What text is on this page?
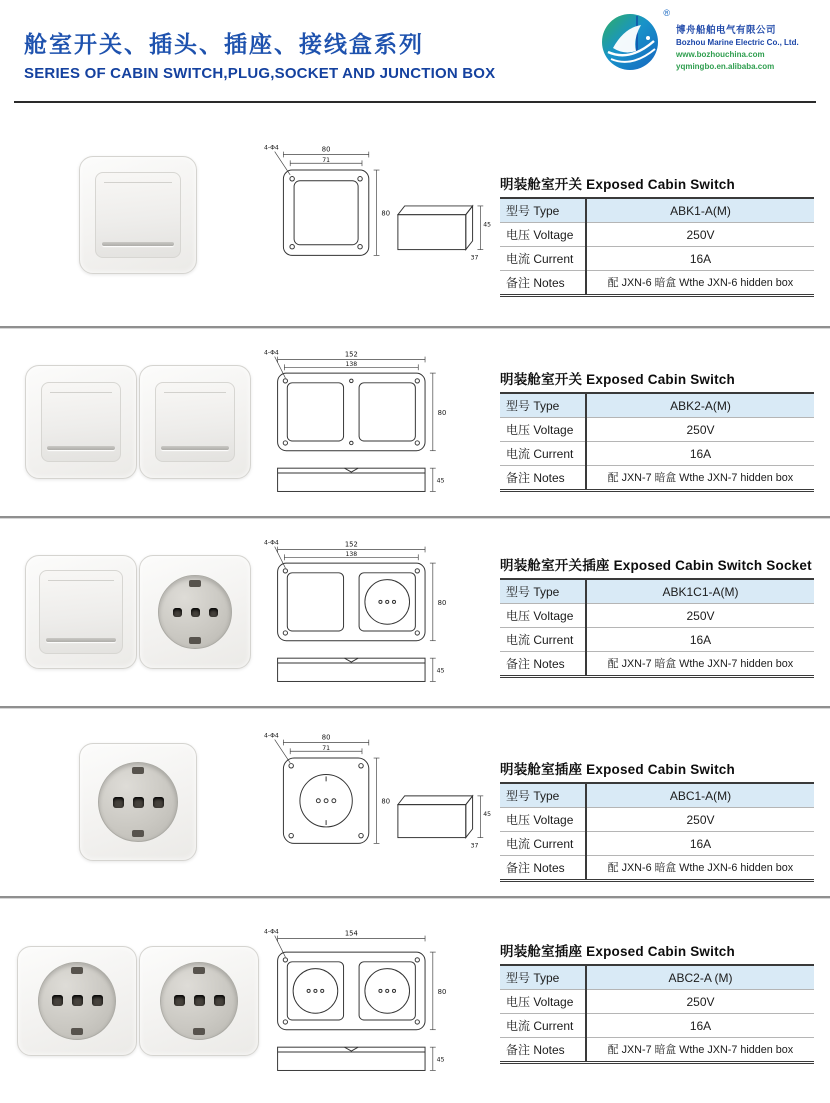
舱室开关、插头、插座、接线盒系列
SERIES OF CABIN SWITCH,PLUG,SOCKET AND JUNCTION BOX
®
博舟船舶电气有限公司
Bozhou Marine Electric Co., Ltd.
www.bozhouchina.com
yqmingbo.en.alibaba.com
80
71
4-Φ4
80
45
37
明装舱室开关 Exposed Cabin Switch
型号 Type	ABK1-A(M)
电压 Voltage	250V
电流 Current	16A
备注 Notes	配 JXN-6 暗盒 Wthe JXN-6 hidden box
152
138
4-Φ4
80
45
明装舱室开关 Exposed Cabin Switch
型号 Type	ABK2-A(M)
电压 Voltage	250V
电流 Current	16A
备注 Notes	配 JXN-7 暗盒 Wthe JXN-7 hidden box
152
138
4-Φ4
80
45
明装舱室开关插座 Exposed Cabin Switch Socket
型号 Type	ABK1C1-A(M)
电压 Voltage	250V
电流 Current	16A
备注 Notes	配 JXN-7 暗盒 Wthe JXN-7 hidden box
80
71
4-Φ4
80
45
37
明装舱室插座 Exposed Cabin Switch
型号 Type	ABC1-A(M)
电压 Voltage	250V
电流 Current	16A
备注 Notes	配 JXN-6 暗盒 Wthe JXN-6 hidden box
154
4-Φ4
80
45
明装舱室插座 Exposed Cabin Switch
型号 Type	ABC2-A (M)
电压 Voltage	250V
电流 Current	16A
备注 Notes	配 JXN-7 暗盒 Wthe JXN-7 hidden box
